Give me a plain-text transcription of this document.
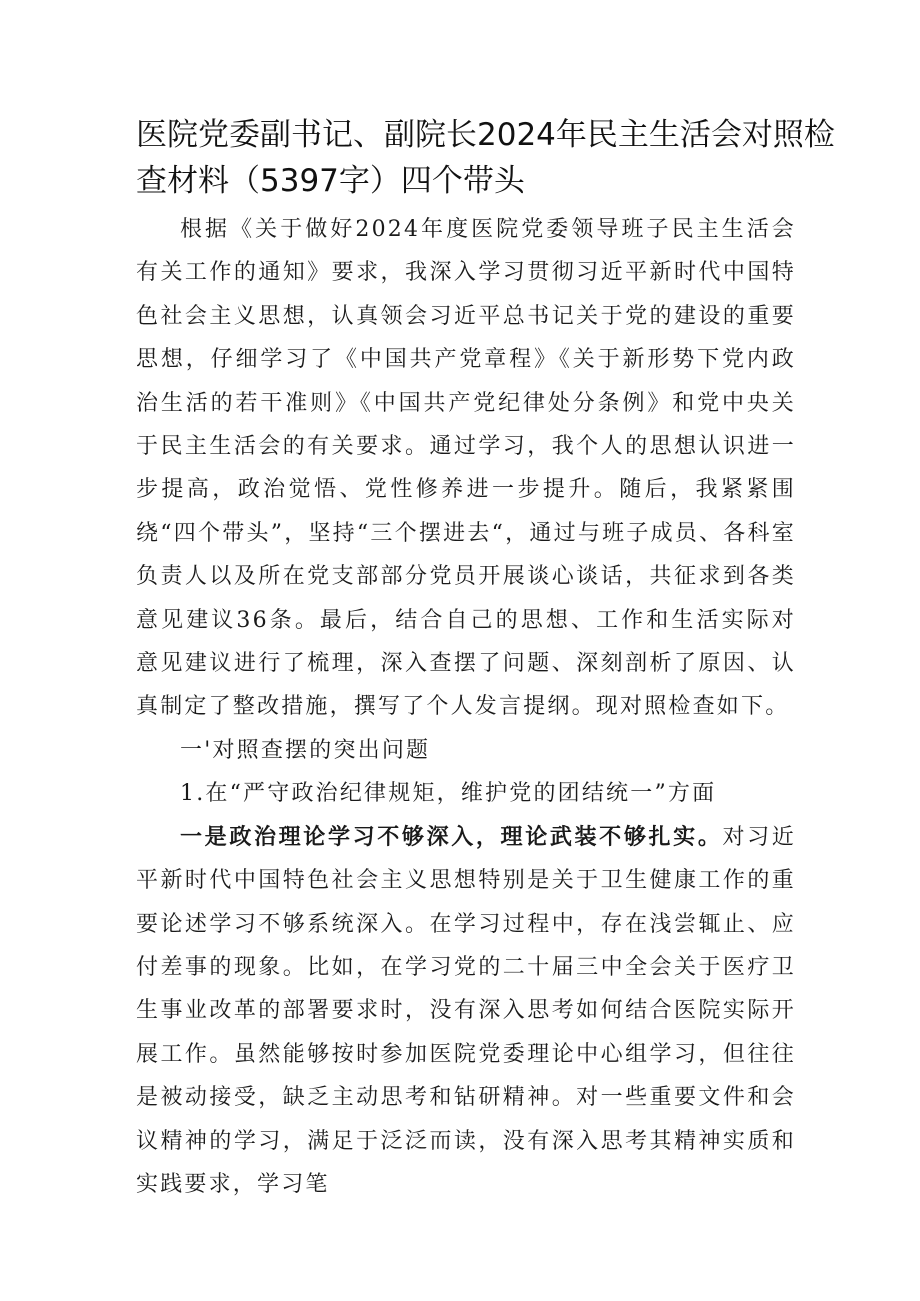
医院党委副书记、副院长2024年民主生活会对照检查材料（5397字）四个带头

根据《关于做好2024年度医院党委领导班子民主生活会有关工作的通知》要求，我深入学习贯彻习近平新时代中国特色社会主义思想，认真领会习近平总书记关于党的建设的重要思想，仔细学习了《中国共产党章程》《关于新形势下党内政治生活的若干准则》《中国共产党纪律处分条例》和党中央关于民主生活会的有关要求。通过学习，我个人的思想认识进一步提高，政治觉悟、党性修养进一步提升。随后，我紧紧围绕“四个带头”，坚持“三个摆进去“，通过与班子成员、各科室负责人以及所在党支部部分党员开展谈心谈话，共征求到各类意见建议36条。最后，结合自己的思想、工作和生活实际对意见建议进行了梳理，深入查摆了问题、深刻剖析了原因、认真制定了整改措施，撰写了个人发言提纲。现对照检查如下。

一'对照查摆的突出问题

1.在“严守政治纪律规矩，维护党的团结统一”方面

一是政治理论学习不够深入，理论武装不够扎实。对习近平新时代中国特色社会主义思想特别是关于卫生健康工作的重要论述学习不够系统深入。在学习过程中，存在浅尝辄止、应付差事的现象。比如，在学习党的二十届三中全会关于医疗卫生事业改革的部署要求时，没有深入思考如何结合医院实际开展工作。虽然能够按时参加医院党委理论中心组学习，但往往是被动接受，缺乏主动思考和钻研精神。对一些重要文件和会议精神的学习，满足于泛泛而读，没有深入思考其精神实质和实践要求，学习笔
